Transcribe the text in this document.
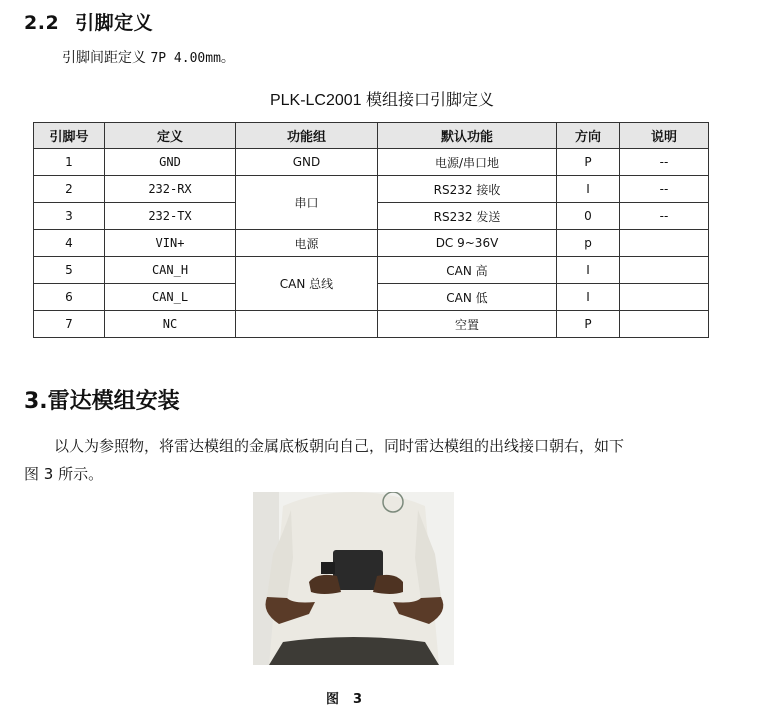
2.2 引脚定义
引脚间距定义 7P 4.00mm。
PLK-LC2001 模组接口引脚定义
引脚号	定义	功能组	默认功能	方向	说明
1	GND	GND	电源/串口地	P	--
2	232-RX	串口	RS232 接收	I	--
3	232-TX		RS232 发送	0	--
4	VIN+	电源	DC 9~36V	p	
5	CAN_H	CAN 总线	CAN 高	I	
6	CAN_L		CAN 低	I	
7	NC		空置	P	
3.雷达模组安装
以人为参照物，将雷达模组的金属底板朝向自己，同时雷达模组的出线接口朝右，如下
图 3 所示。
图 3
